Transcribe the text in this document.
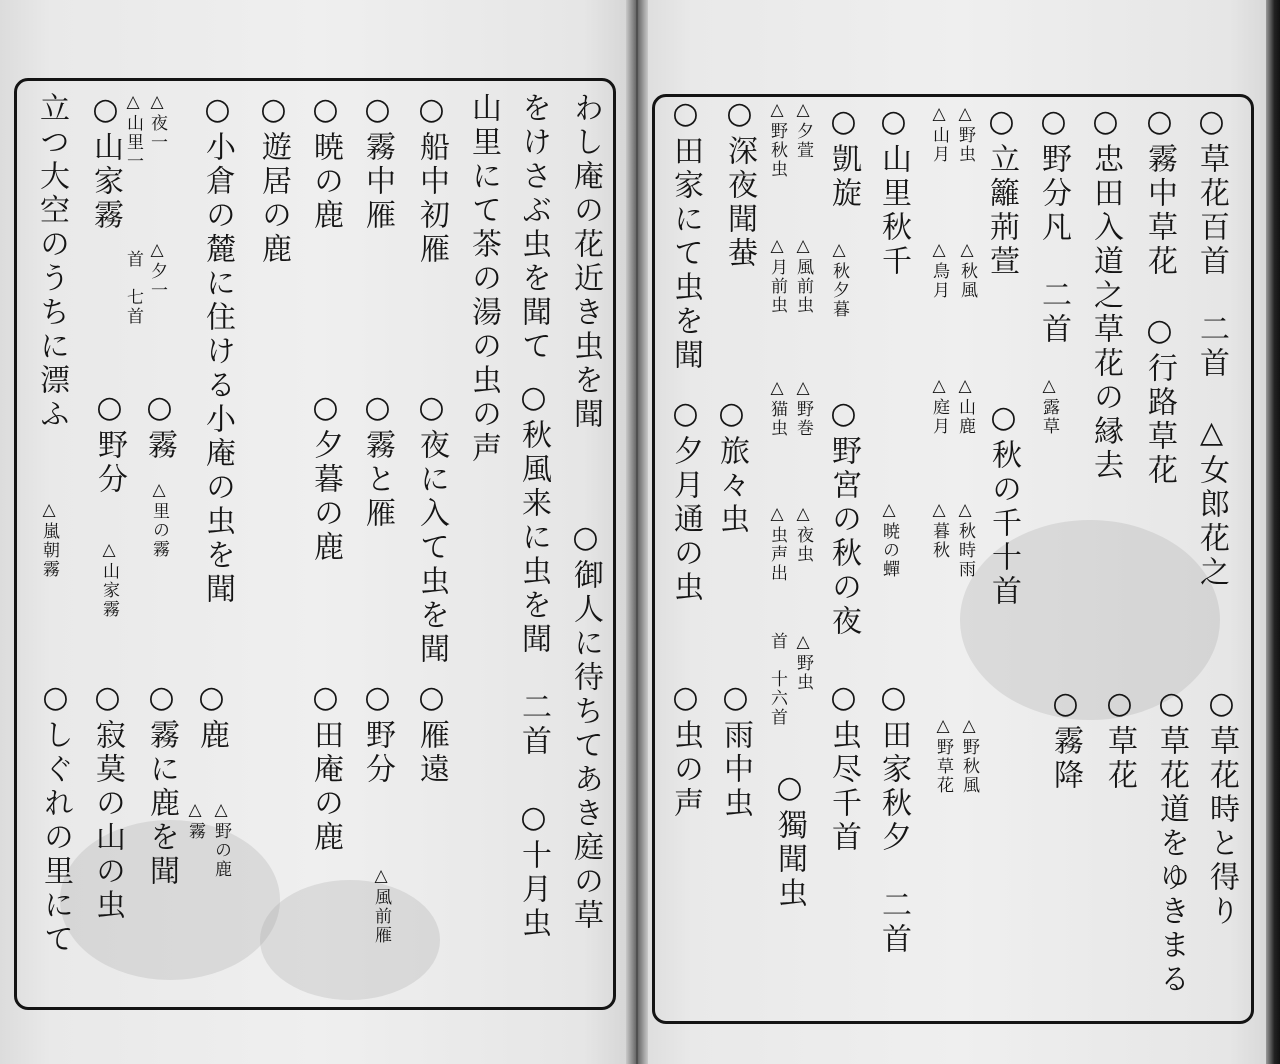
○草花百首　二首　△女郎花之
○霧中草花　○行路草花
○忠田入道之草花の縁去
○野分凡　二首
△露草
○立籬荊萱
○秋の千十首
△野虫
△山月
△秋風
△鳥月
△山鹿
△庭月
△秋時雨
△暮秋
○山里秋千
△暁の蟬
○田家秋夕　二首	△野秋風
△野草花
○凱旋
△秋夕暮
○野宮の秋の夜
○虫尽千首
△夕萱
△野秋虫
△風前虫
△月前虫
△野巻
△猫虫
△夜虫
△虫声出
△野虫
首　十六首
○獨聞虫
○深夜聞蛬
○旅々虫
○雨中虫
○田家にて虫を聞
○夕月通の虫
○虫の声	○草花 ○草花道をゆきまる ○草花時と得り
○霧降
わし庵の花近き虫を聞
○御人に待ちてあき庭の草
をけさぶ虫を聞て
○秋風来に虫を聞　二首
山里にて茶の湯の虫の声
○十月虫
○夜に入て虫を聞
○船中初雁
○雁遠
○霧中雁
○霧と雁
○野分
△風前雁
○暁の鹿
○夕暮の鹿
○田庵の鹿
○遊居の鹿
○山家霧
○霧
○鹿
○小倉の麓に住ける小庵の虫を聞
△夜一
△山里一
△夕一
首　七首
△里の霧
△山家霧
△野の鹿
△霧
○霧に鹿を聞
○寂莫の山の虫
○野分
△嵐朝霧
立つ大空のうちに漂ふ
○しぐれの里にて
